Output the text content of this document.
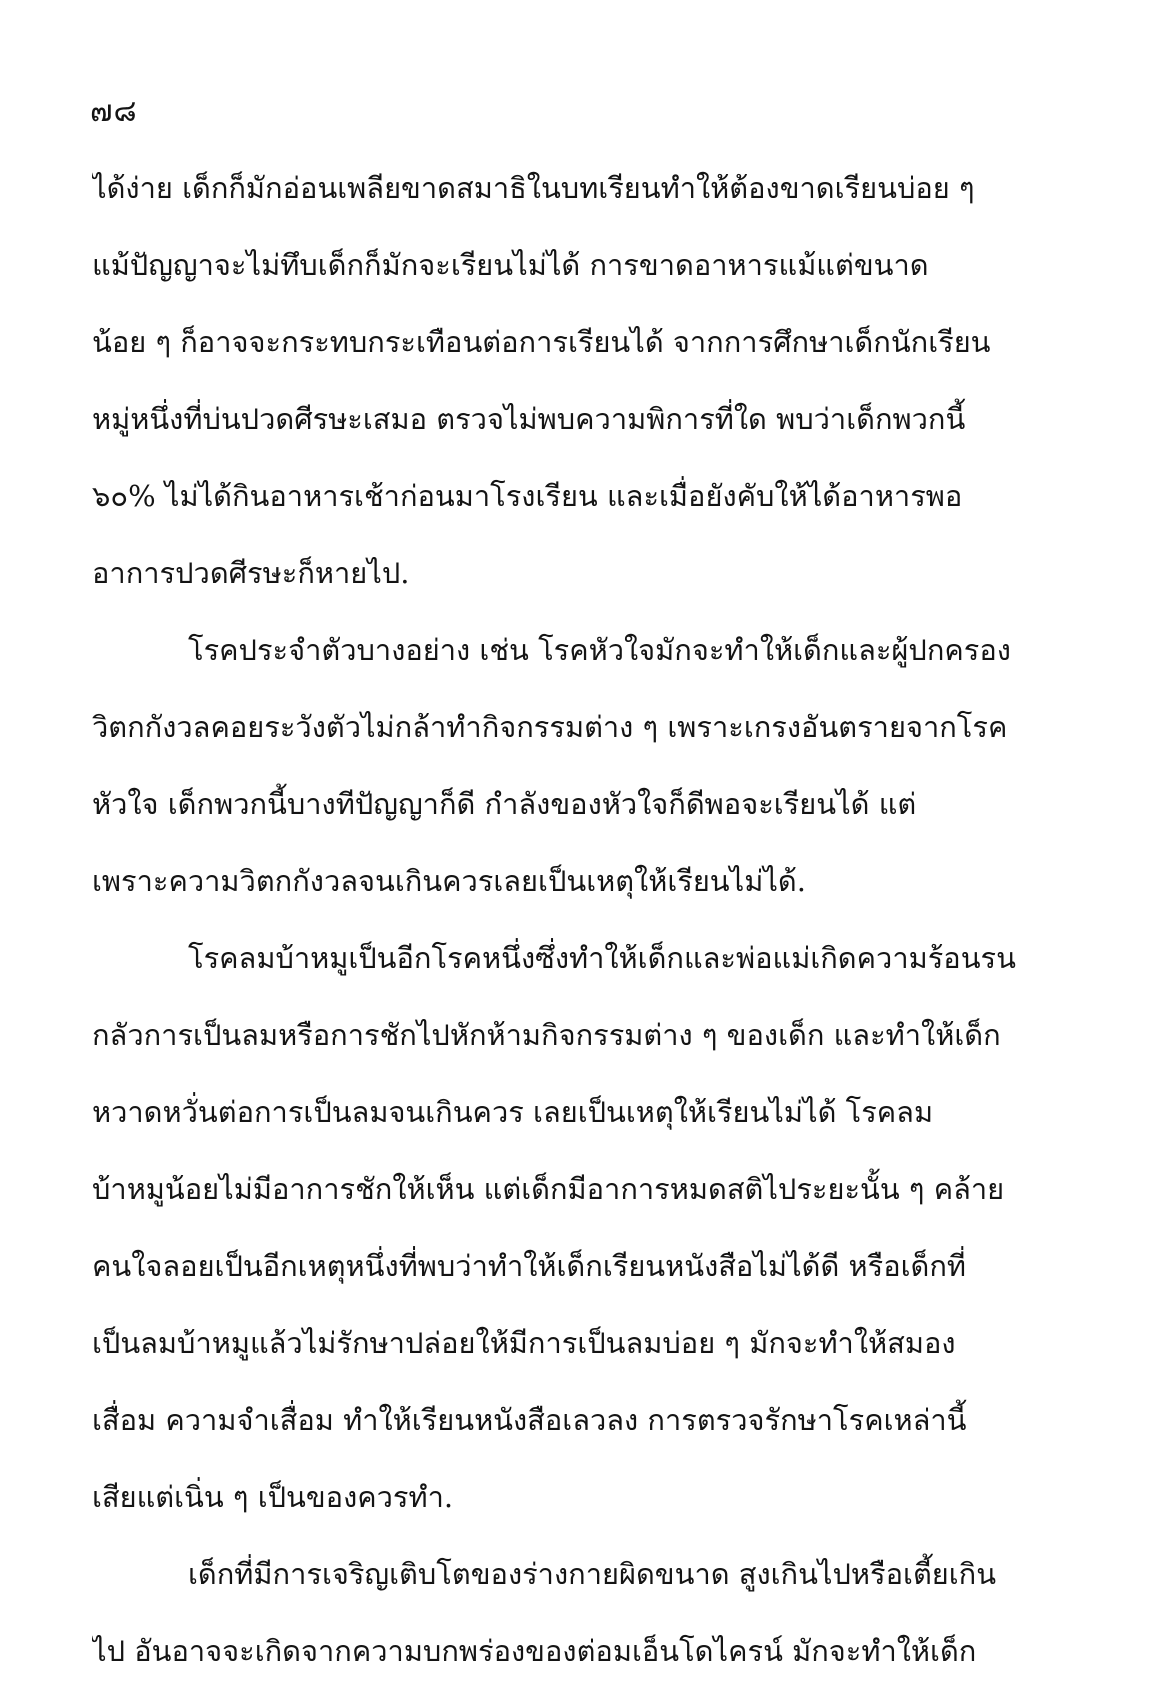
๗๘
ได้ง่าย เด็กก็มักอ่อนเพลียขาดสมาธิในบทเรียนทำให้ต้องขาดเรียนบ่อย ๆ
แม้ปัญญาจะไม่ทึบเด็กก็มักจะเรียนไม่ได้ การขาดอาหารแม้แต่ขนาด
น้อย ๆ ก็อาจจะกระทบกระเทือนต่อการเรียนได้ จากการศึกษาเด็กนักเรียน
หมู่หนึ่งที่บ่นปวดศีรษะเสมอ ตรวจไม่พบความพิการที่ใด พบว่าเด็กพวกนี้
๖๐% ไม่ได้กินอาหารเช้าก่อนมาโรงเรียน และเมื่อยังคับให้ได้อาหารพอ
อาการปวดศีรษะก็หายไป.
โรคประจำตัวบางอย่าง เช่น โรคหัวใจมักจะทำให้เด็กและผู้ปกครอง
วิตกกังวลคอยระวังตัวไม่กล้าทำกิจกรรมต่าง ๆ เพราะเกรงอันตรายจากโรค
หัวใจ เด็กพวกนี้บางทีปัญญาก็ดี กำลังของหัวใจก็ดีพอจะเรียนได้ แต่
เพราะความวิตกกังวลจนเกินควรเลยเป็นเหตุให้เรียนไม่ได้.
โรคลมบ้าหมูเป็นอีกโรคหนึ่งซึ่งทำให้เด็กและพ่อแม่เกิดความร้อนรน
กลัวการเป็นลมหรือการชักไปหักห้ามกิจกรรมต่าง ๆ ของเด็ก และทำให้เด็ก
หวาดหวั่นต่อการเป็นลมจนเกินควร เลยเป็นเหตุให้เรียนไม่ได้ โรคลม
บ้าหมูน้อยไม่มีอาการชักให้เห็น แต่เด็กมีอาการหมดสติไประยะนั้น ๆ คล้าย
คนใจลอยเป็นอีกเหตุหนึ่งที่พบว่าทำให้เด็กเรียนหนังสือไม่ได้ดี หรือเด็กที่
เป็นลมบ้าหมูแล้วไม่รักษาปล่อยให้มีการเป็นลมบ่อย ๆ มักจะทำให้สมอง
เสื่อม ความจำเสื่อม ทำให้เรียนหนังสือเลวลง การตรวจรักษาโรคเหล่านี้
เสียแต่เนิ่น ๆ เป็นของควรทำ.
เด็กที่มีการเจริญเติบโตของร่างกายผิดขนาด สูงเกินไปหรือเตี้ยเกิน
ไป อันอาจจะเกิดจากความบกพร่องของต่อมเอ็นโดไครน์ มักจะทำให้เด็ก
